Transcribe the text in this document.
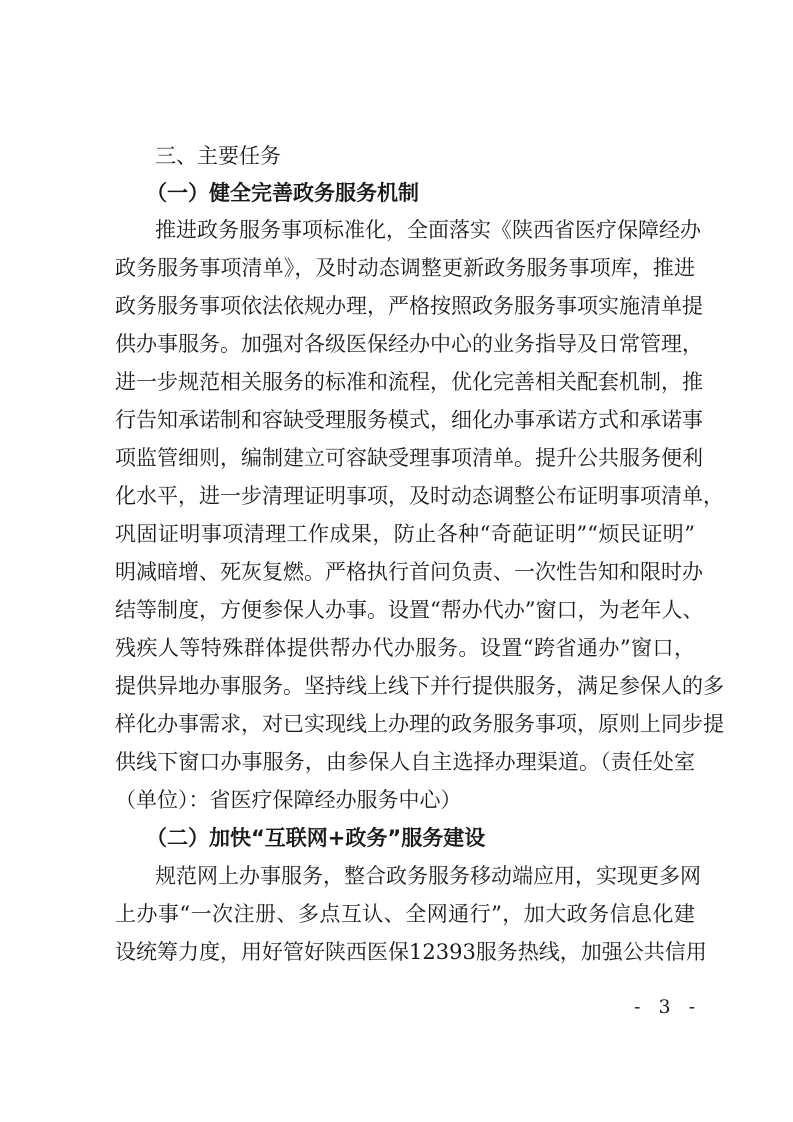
三、主要任务
（一）健全完善政务服务机制
推进政务服务事项标准化，全面落实《陕西省医疗保障经办
政务服务事项清单》，及时动态调整更新政务服务事项库，推进
政务服务事项依法依规办理，严格按照政务服务事项实施清单提
供办事服务。加强对各级医保经办中心的业务指导及日常管理，
进一步规范相关服务的标准和流程，优化完善相关配套机制，推
行告知承诺制和容缺受理服务模式，细化办事承诺方式和承诺事
项监管细则，编制建立可容缺受理事项清单。提升公共服务便利
化水平，进一步清理证明事项，及时动态调整公布证明事项清单，
巩固证明事项清理工作成果，防止各种“奇葩证明”“烦民证明”
明减暗增、死灰复燃。严格执行首问负责、一次性告知和限时办
结等制度，方便参保人办事。设置“帮办代办”窗口，为老年人、
残疾人等特殊群体提供帮办代办服务。设置“跨省通办”窗口，
提供异地办事服务。坚持线上线下并行提供服务，满足参保人的多
样化办事需求，对已实现线上办理的政务服务事项，原则上同步提
供线下窗口办事服务，由参保人自主选择办理渠道。（责任处室
（单位）：省医疗保障经办服务中心）
（二）加快“互联网+政务”服务建设
规范网上办事服务，整合政务服务移动端应用，实现更多网
上办事“一次注册、多点互认、全网通行”，加大政务信息化建
设统筹力度，用好管好陕西医保12393服务热线，加强公共信用
- 3 -
